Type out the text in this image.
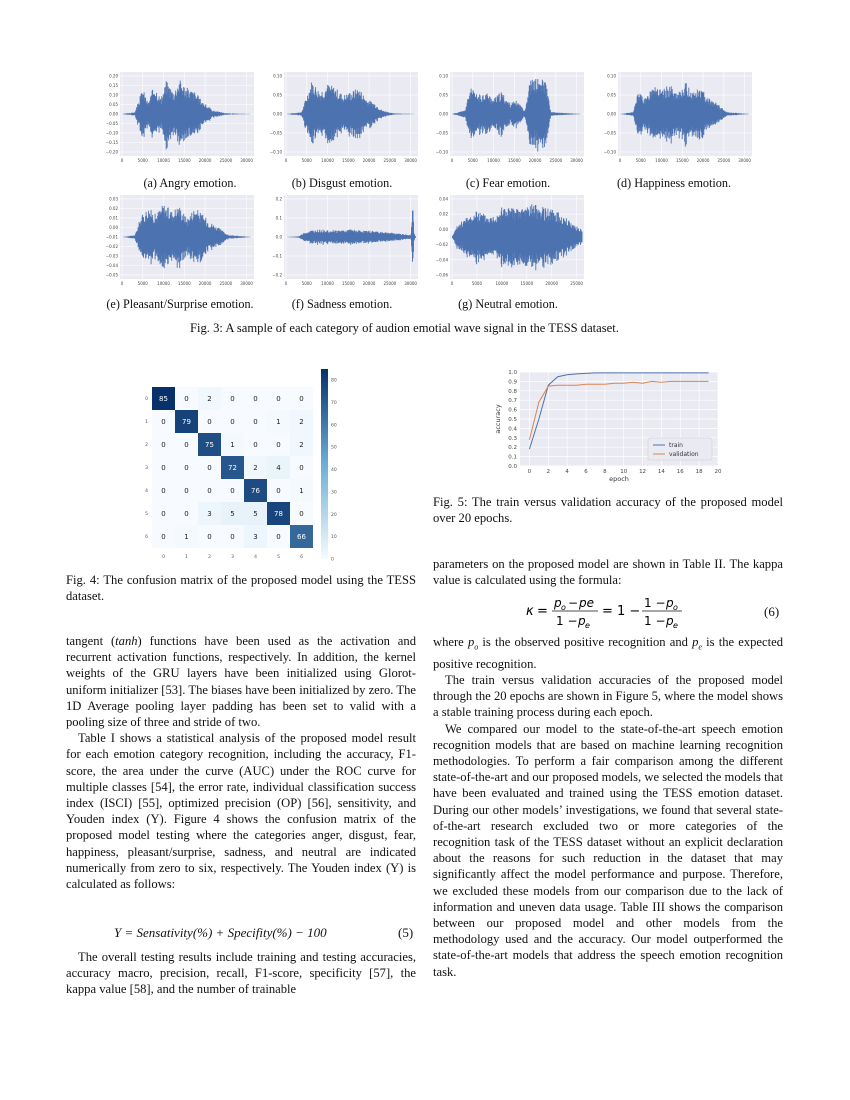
0.20
0.15
0.10
0.05
0.00
−0.05
−0.10
−0.15
−0.20
0	5000 10000 15000 20000 25000 30000
0.10
0.05
0.00
−0.05
−0.10
0	5000 10000 15000 20000 25000 30000
0.10
0.05
0.00
−0.05
−0.10
0	5000 10000 15000 20000 25000 30000
0.10
0.05
0.00
−0.05
−0.10
0	5000 10000 15000 20000 25000 30000
0.03
0.02
0.01
0.00
−0.01
−0.02
−0.03
−0.04
−0.05
0	5000 10000 15000 20000 25000 30000
0.2
0.1
0.0
−0.1
−0.2
0	5000 10000 15000 20000 25000 30000
0.04
0.02
0.00
−0.02
−0.04
−0.06
0	5000	10000	15000	20000	25000
(a) Angry emotion.	(b) Disgust emotion.	(c) Fear emotion.	(d) Happiness emotion.
(e) Pleasant/Surprise emotion.	(f) Sadness emotion.	(g) Neutral emotion.
Fig. 3: A sample of each category of audion emotial wave signal in the TESS dataset.
85 0	2	0	0	0	0
0 79 0	0	0	1	2
0	0 75 1	0	0	2
0	0	0 72 2	4	0
0	0	0	0 76 0	1
0	0	3	5	5 78 0
0	1	0	0	3	0 66
0
0
1
1
2
2
3
3
4
4
5
5
6
6
80
70
60
50
40
30
20
10
0
Fig. 4: The confusion matrix of the proposed model using the TESS dataset.
0.0
0.1
0.2
0.3
0.4
0.5
0.6
0.7
0.8
0.9
1.0
0	2	4	6	8 10 12 14 16 18 20
epoch
accuracy
train
validation
Fig. 5: The train versus validation accuracy of the proposed model over 20 epochs.

tangent (tanh) functions have been used as the activation and recurrent activation functions, respectively. In addition, the kernel weights of the GRU layers have been initialized using Glorot-uniform initializer [53]. The biases have been initialized by zero. The 1D Average pooling layer padding has been set to valid with a pooling size of three and stride of two.

Table I shows a statistical analysis of the proposed model result for each emotion category recognition, including the accuracy, F1-score, the area under the curve (AUC) under the ROC curve for multiple classes [54], the error rate, individual classification success index (ISCI) [55], optimized precision (OP) [56], sensitivity, and Youden index (Y). Figure 4 shows the confusion matrix of the proposed model testing where the categories anger, disgust, fear, happiness, pleasant/surprise, sadness, and neutral are indicated numerically from zero to six, respectively. The Youden index (Y) is calculated as follows:

Y = Sensativity(%) + Specifity(%) − 100	(5)

The overall testing results include training and testing accuracies, accuracy macro, precision, recall, F1-score, specificity [57], the kappa value [58], and the number of trainable

parameters on the proposed model are shown in Table II. The kappa value is calculated using the formula:

κ =
p o − pe
1 − p e
= 1 −
1 − p o
1 − p e
(6)

where $p_o$ is the observed positive recognition and $p_e$ is the expected positive recognition.

The train versus validation accuracies of the proposed model through the 20 epochs are shown in Figure 5, where the model shows a stable training process during each epoch.

We compared our model to the state-of-the-art speech emotion recognition models that are based on machine learning recognition methodologies. To perform a fair comparison among the different state-of-the-art and our proposed models, we selected the models that have been evaluated and trained using the TESS emotion dataset. During our other models’ investigations, we found that several state-of-the-art research excluded two or more categories of the recognition task of the TESS dataset without an explicit declaration about the reasons for such reduction in the dataset that may significantly affect the model performance and purpose. Therefore, we excluded these models from our comparison due to the lack of information and uneven data usage. Table III shows the comparison between our proposed model and other models from the methodology used and the accuracy. Our model outperformed the state-of-the-art models that address the speech emotion recognition task.
